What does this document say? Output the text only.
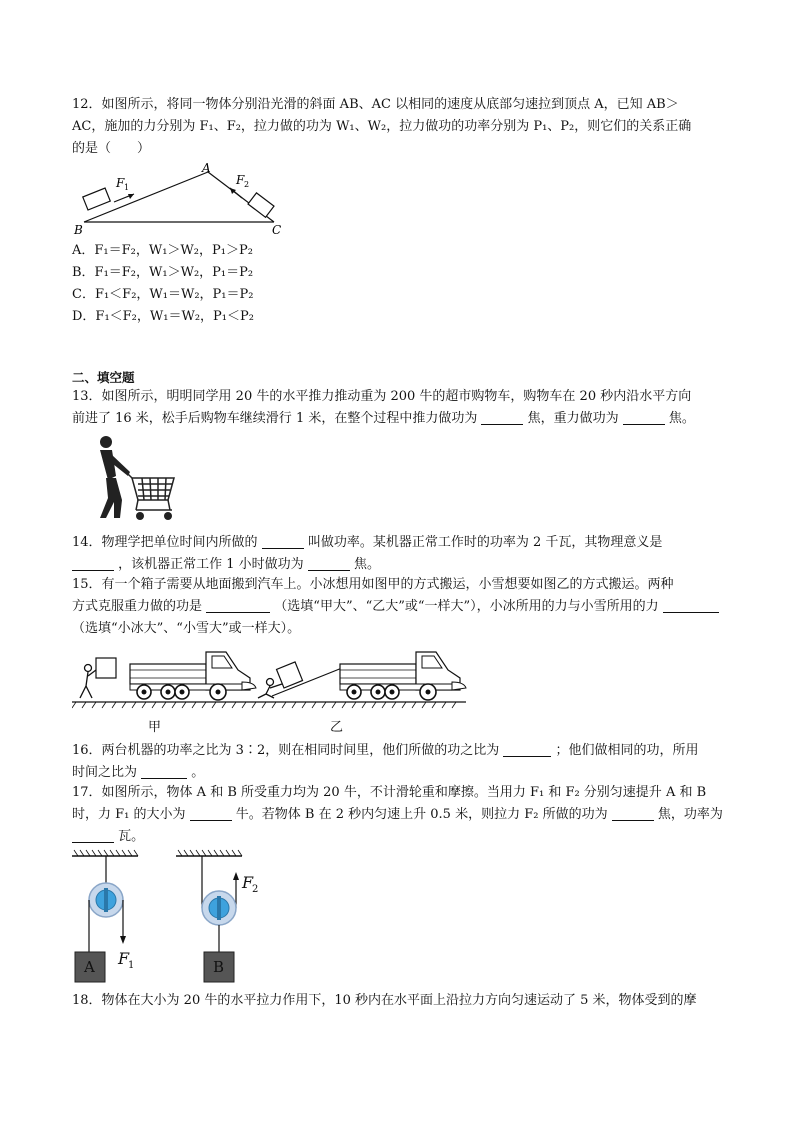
12．如图所示，将同一物体分别沿光滑的斜面 AB、AC 以相同的速度从底部匀速拉到顶点 A，已知 AB＞
AC，施加的力分别为 F₁、F₂，拉力做的功为 W₁、W₂，拉力做功的功率分别为 P₁、P₂，则它们的关系正确
的是（　　）
A
B	C
F 1
F 2
A．F₁＝F₂，W₁＞W₂，P₁＞P₂
B．F₁＝F₂，W₁＞W₂，P₁＝P₂
C．F₁＜F₂，W₁＝W₂，P₁＝P₂
D．F₁＜F₂，W₁＝W₂，P₁＜P₂
二、填空题
13．如图所示，明明同学用 20 牛的水平推力推动重为 200 牛的超市购物车，购物车在 20 秒内沿水平方向
前进了 16 米，松手后购物车继续滑行 1 米，在整个过程中推力做功为	焦，重力做功为	焦。
14．物理学把单位时间内所做的	叫做功率。某机器正常工作时的功率为 2 千瓦，其物理意义是
，该机器正常工作 1 小时做功为	焦。
15．有一个箱子需要从地面搬到汽车上。小冰想用如图甲的方式搬运，小雪想要如图乙的方式搬运。两种
方式克服重力做的功是	（选填“甲大”、“乙大”或“一样大”），小冰所用的力与小雪所用的力
（选填“小冰大”、“小雪大”或一样大）。
甲	乙
16．两台机器的功率之比为 3∶2，则在相同时间里，他们所做的功之比为	；他们做相同的功，所用
时间之比为	。
17．如图所示，物体 A 和 B 所受重力均为 20 牛，不计滑轮重和摩擦。当用力 F₁ 和 F₂ 分别匀速提升 A 和 B
时，力 F₁ 的大小为	牛。若物体 B 在 2 秒内匀速上升 0.5 米，则拉力 F₂ 所做的功为	焦，功率为
瓦。
A F
1	B
F
2
18．物体在大小为 20 牛的水平拉力作用下，10 秒内在水平面上沿拉力方向匀速运动了 5 米，物体受到的摩
